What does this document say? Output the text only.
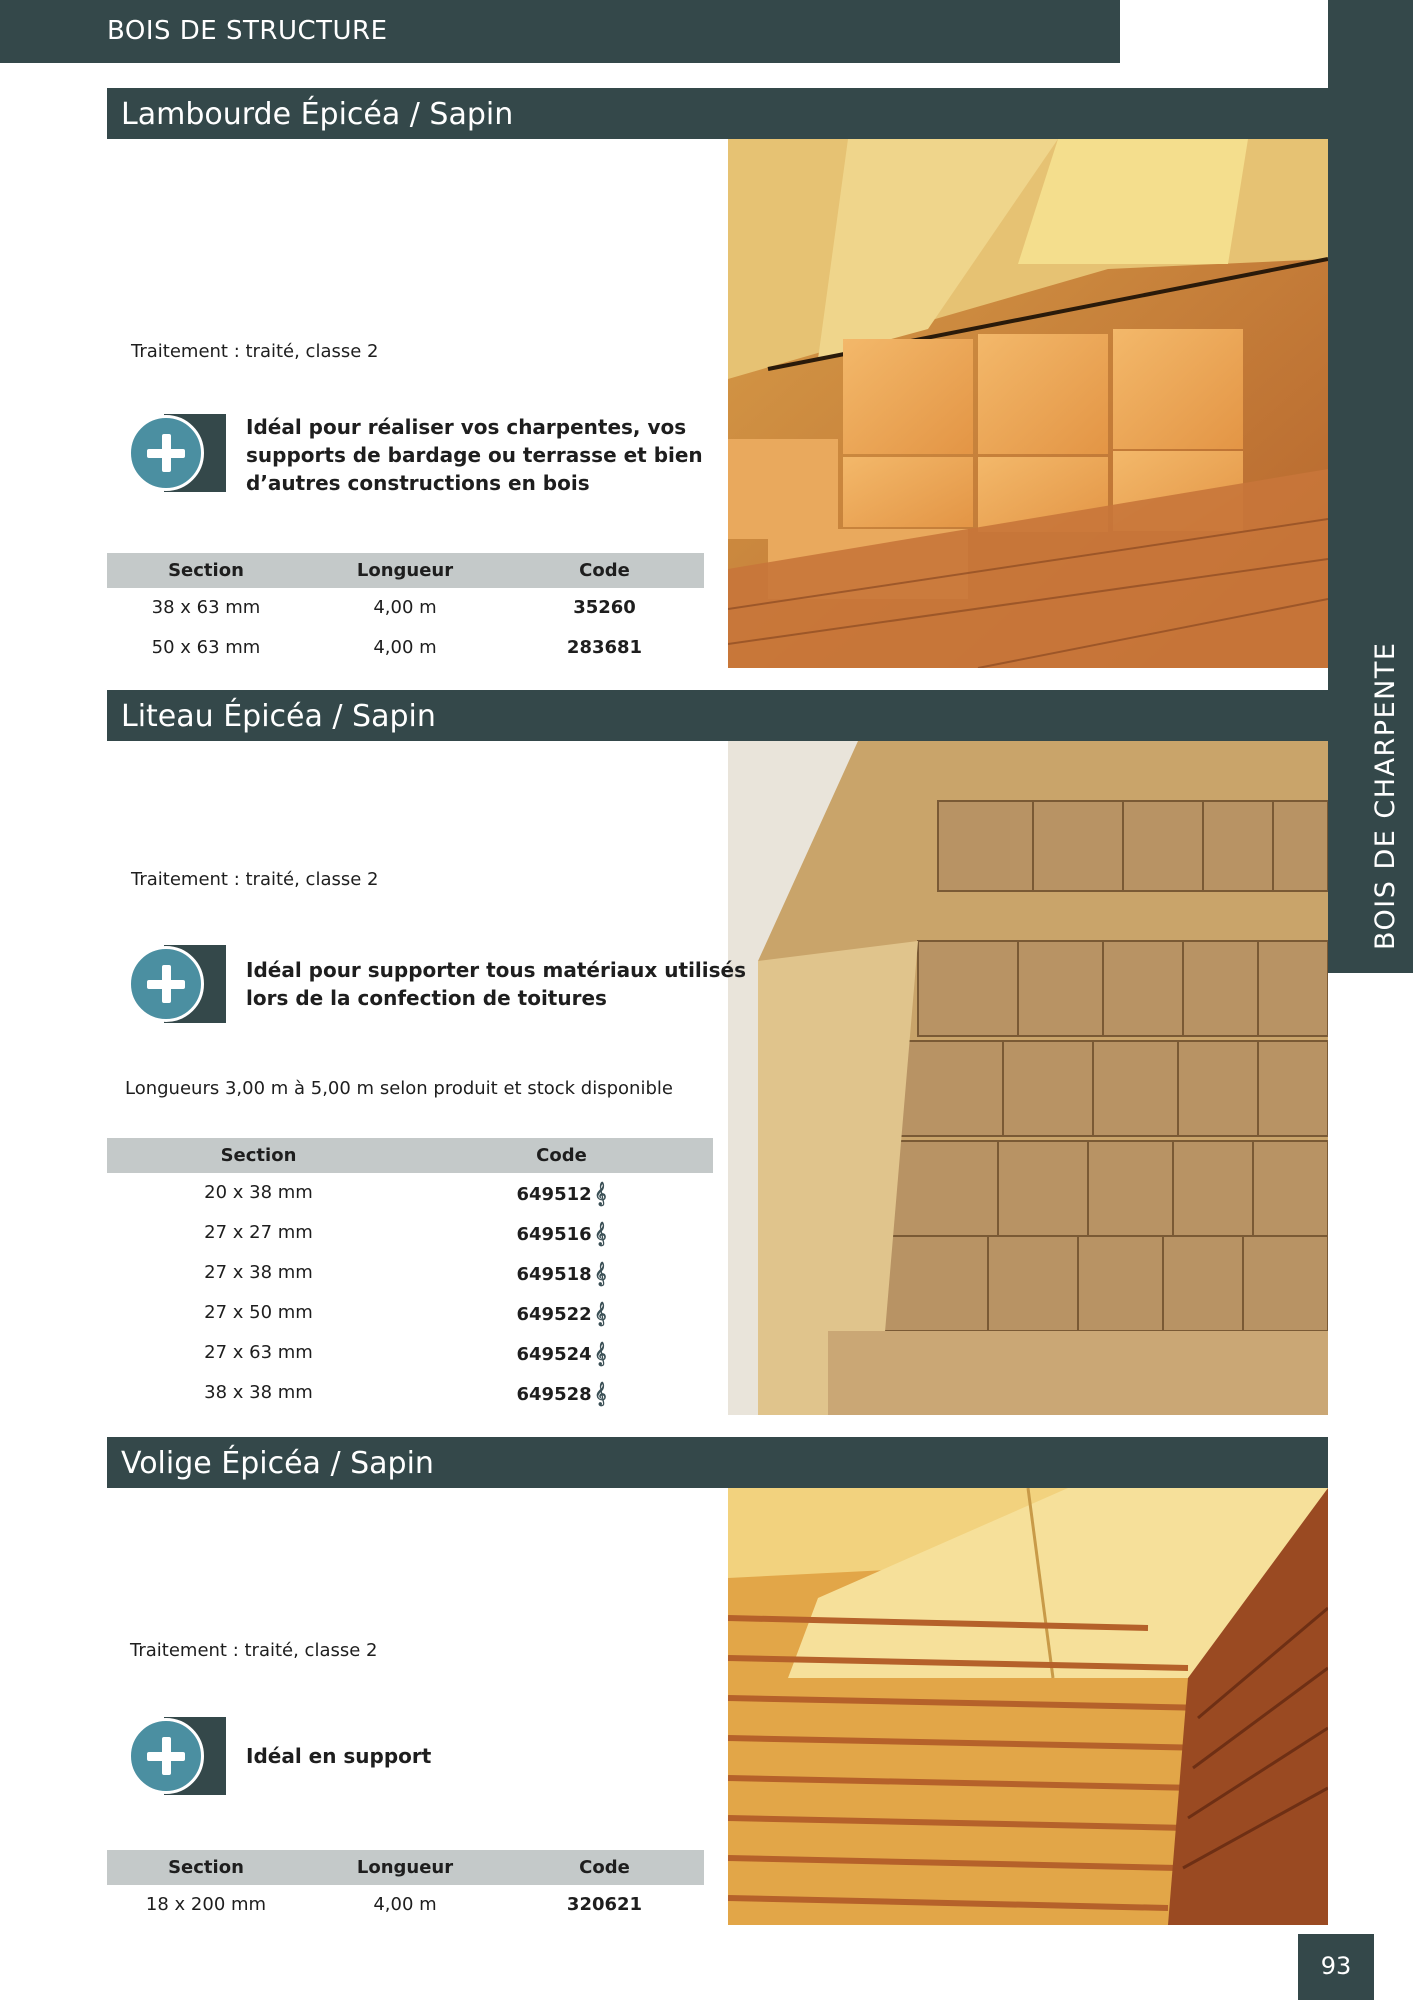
BOIS DE STRUCTURE
BOIS DE CHARPENTE
Lambourde Épicéa / Sapin
Traitement : traité, classe 2
Idéal pour réaliser vos charpentes, vos
supports de bardage ou terrasse et bien
d’autres constructions en bois
Section	Longueur	Code
38 x 63 mm	4,00 m	35260
50 x 63 mm	4,00 m	283681
Liteau Épicéa / Sapin
Traitement : traité, classe 2
Idéal pour supporter tous matériaux utilisés
lors de la confection de toitures
Longueurs 3,00 m à 5,00 m selon produit et stock disponible
Section	Code
20 x 38 mm	649512 𝄞
27 x 27 mm	649516 𝄞
27 x 38 mm	649518 𝄞
27 x 50 mm	649522 𝄞
27 x 63 mm	649524 𝄞
38 x 38 mm	649528 𝄞
Volige Épicéa / Sapin
Traitement : traité, classe 2
Idéal en support
Section	Longueur	Code
18 x 200 mm	4,00 m	320621
93
